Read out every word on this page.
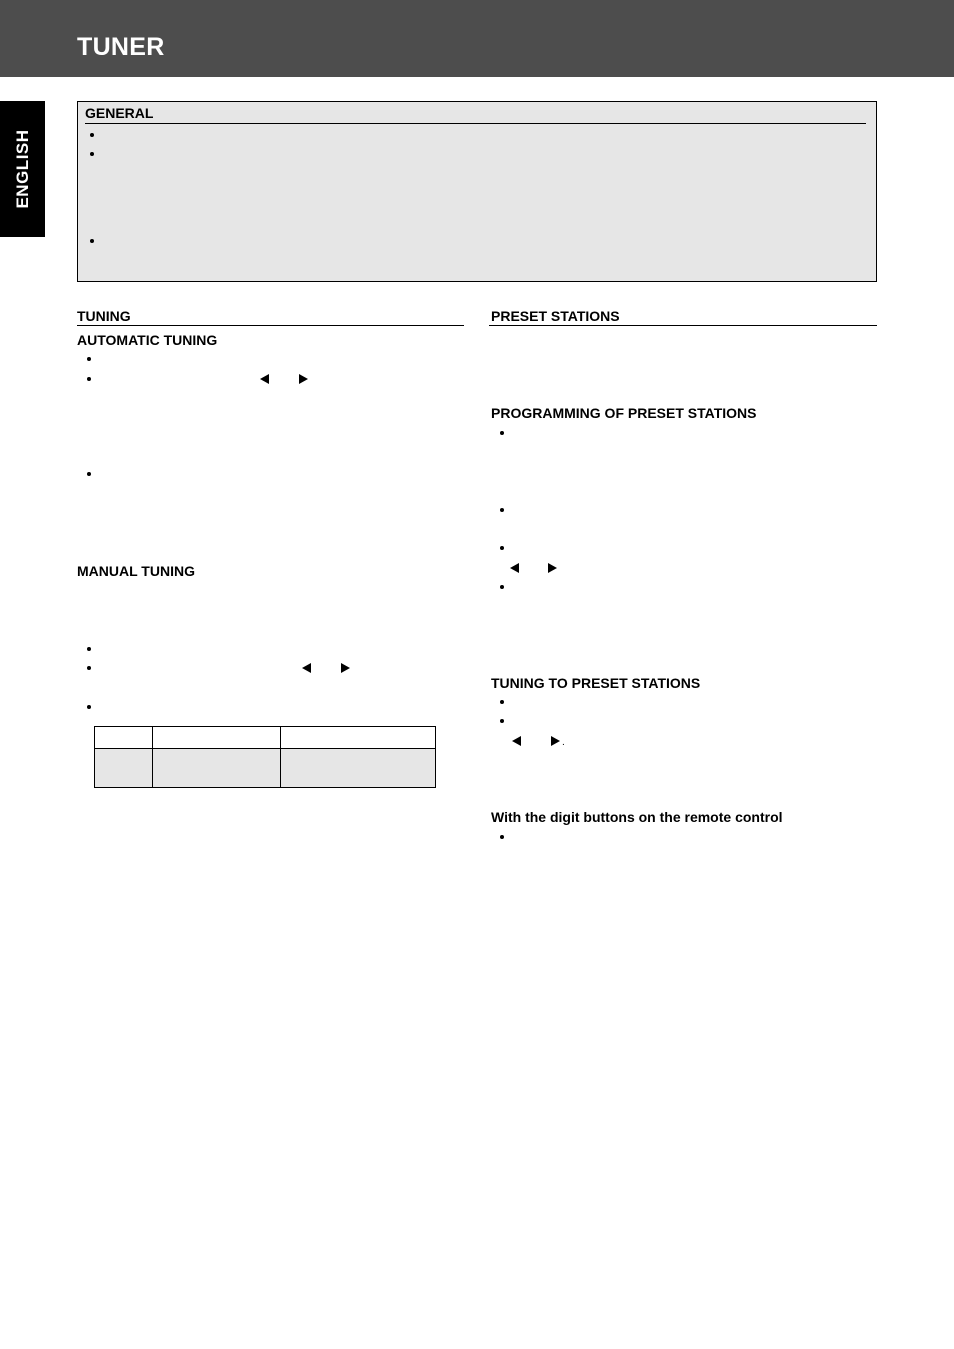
TUNER
ENGLISH
GENERAL
TUNING
AUTOMATIC TUNING
MANUAL TUNING

PRESET STATIONS
PROGRAMMING OF PRESET STATIONS
TUNING TO PRESET STATIONS
.
With the digit buttons on the remote control
